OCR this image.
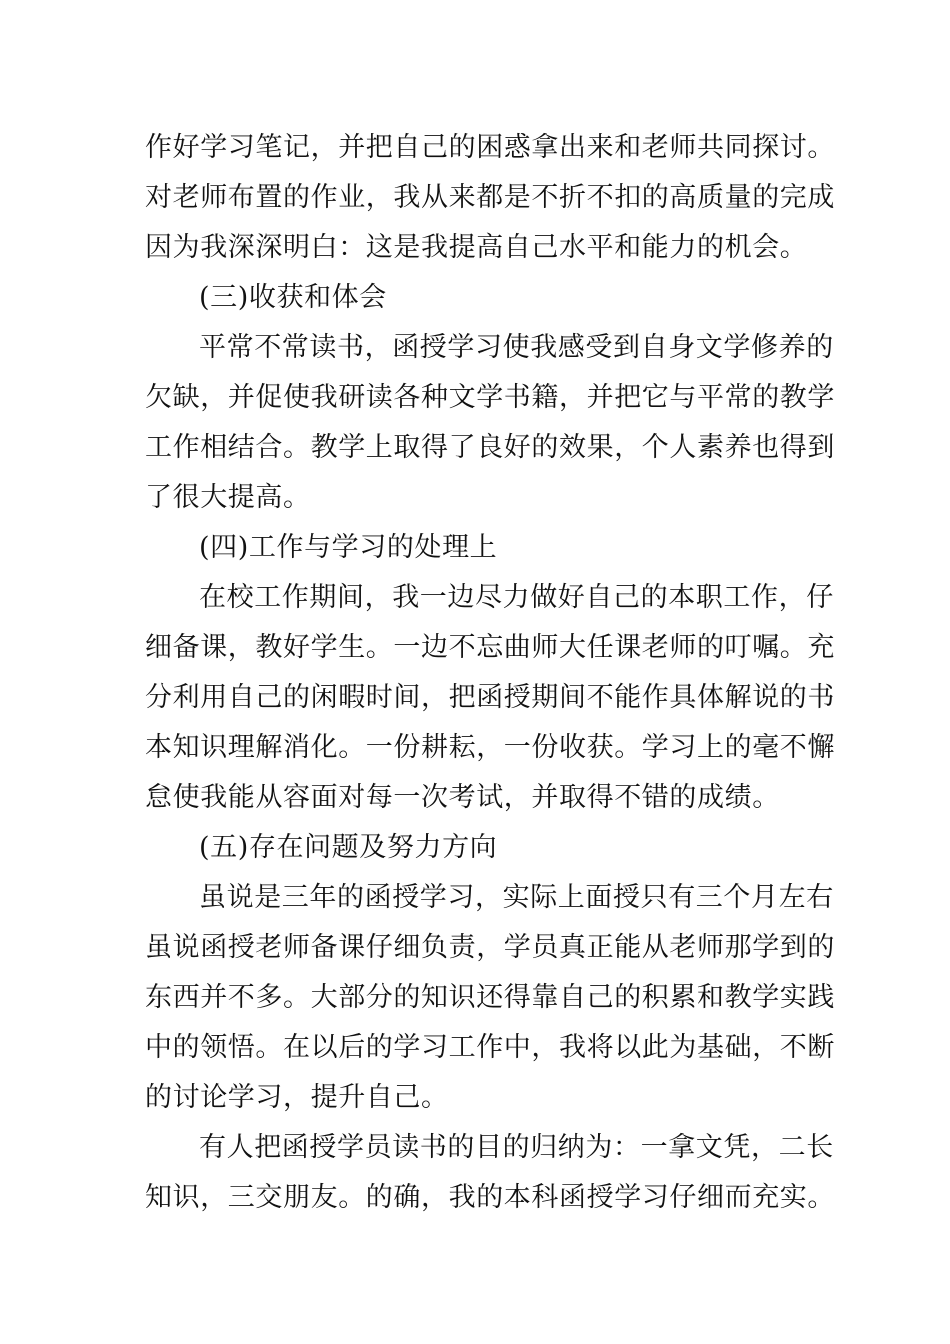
作好学习笔记，并把自己的困惑拿出来和老师共同探讨。
对老师布置的作业，我从来都是不折不扣的高质量的完成
因为我深深明白：这是我提高自己水平和能力的机会。
(三)收获和体会
平常不常读书，函授学习使我感受到自身文学修养的
欠缺，并促使我研读各种文学书籍，并把它与平常的教学
工作相结合。教学上取得了良好的效果，个人素养也得到
了很大提高。
(四)工作与学习的处理上
在校工作期间，我一边尽力做好自己的本职工作，仔
细备课，教好学生。一边不忘曲师大任课老师的叮嘱。充
分利用自己的闲暇时间，把函授期间不能作具体解说的书
本知识理解消化。一份耕耘，一份收获。学习上的毫不懈
怠使我能从容面对每一次考试，并取得不错的成绩。
(五)存在问题及努力方向
虽说是三年的函授学习，实际上面授只有三个月左右
虽说函授老师备课仔细负责，学员真正能从老师那学到的
东西并不多。大部分的知识还得靠自己的积累和教学实践
中的领悟。在以后的学习工作中，我将以此为基础，不断
的讨论学习，提升自己。
有人把函授学员读书的目的归纳为：一拿文凭，二长
知识，三交朋友。的确，我的本科函授学习仔细而充实。
